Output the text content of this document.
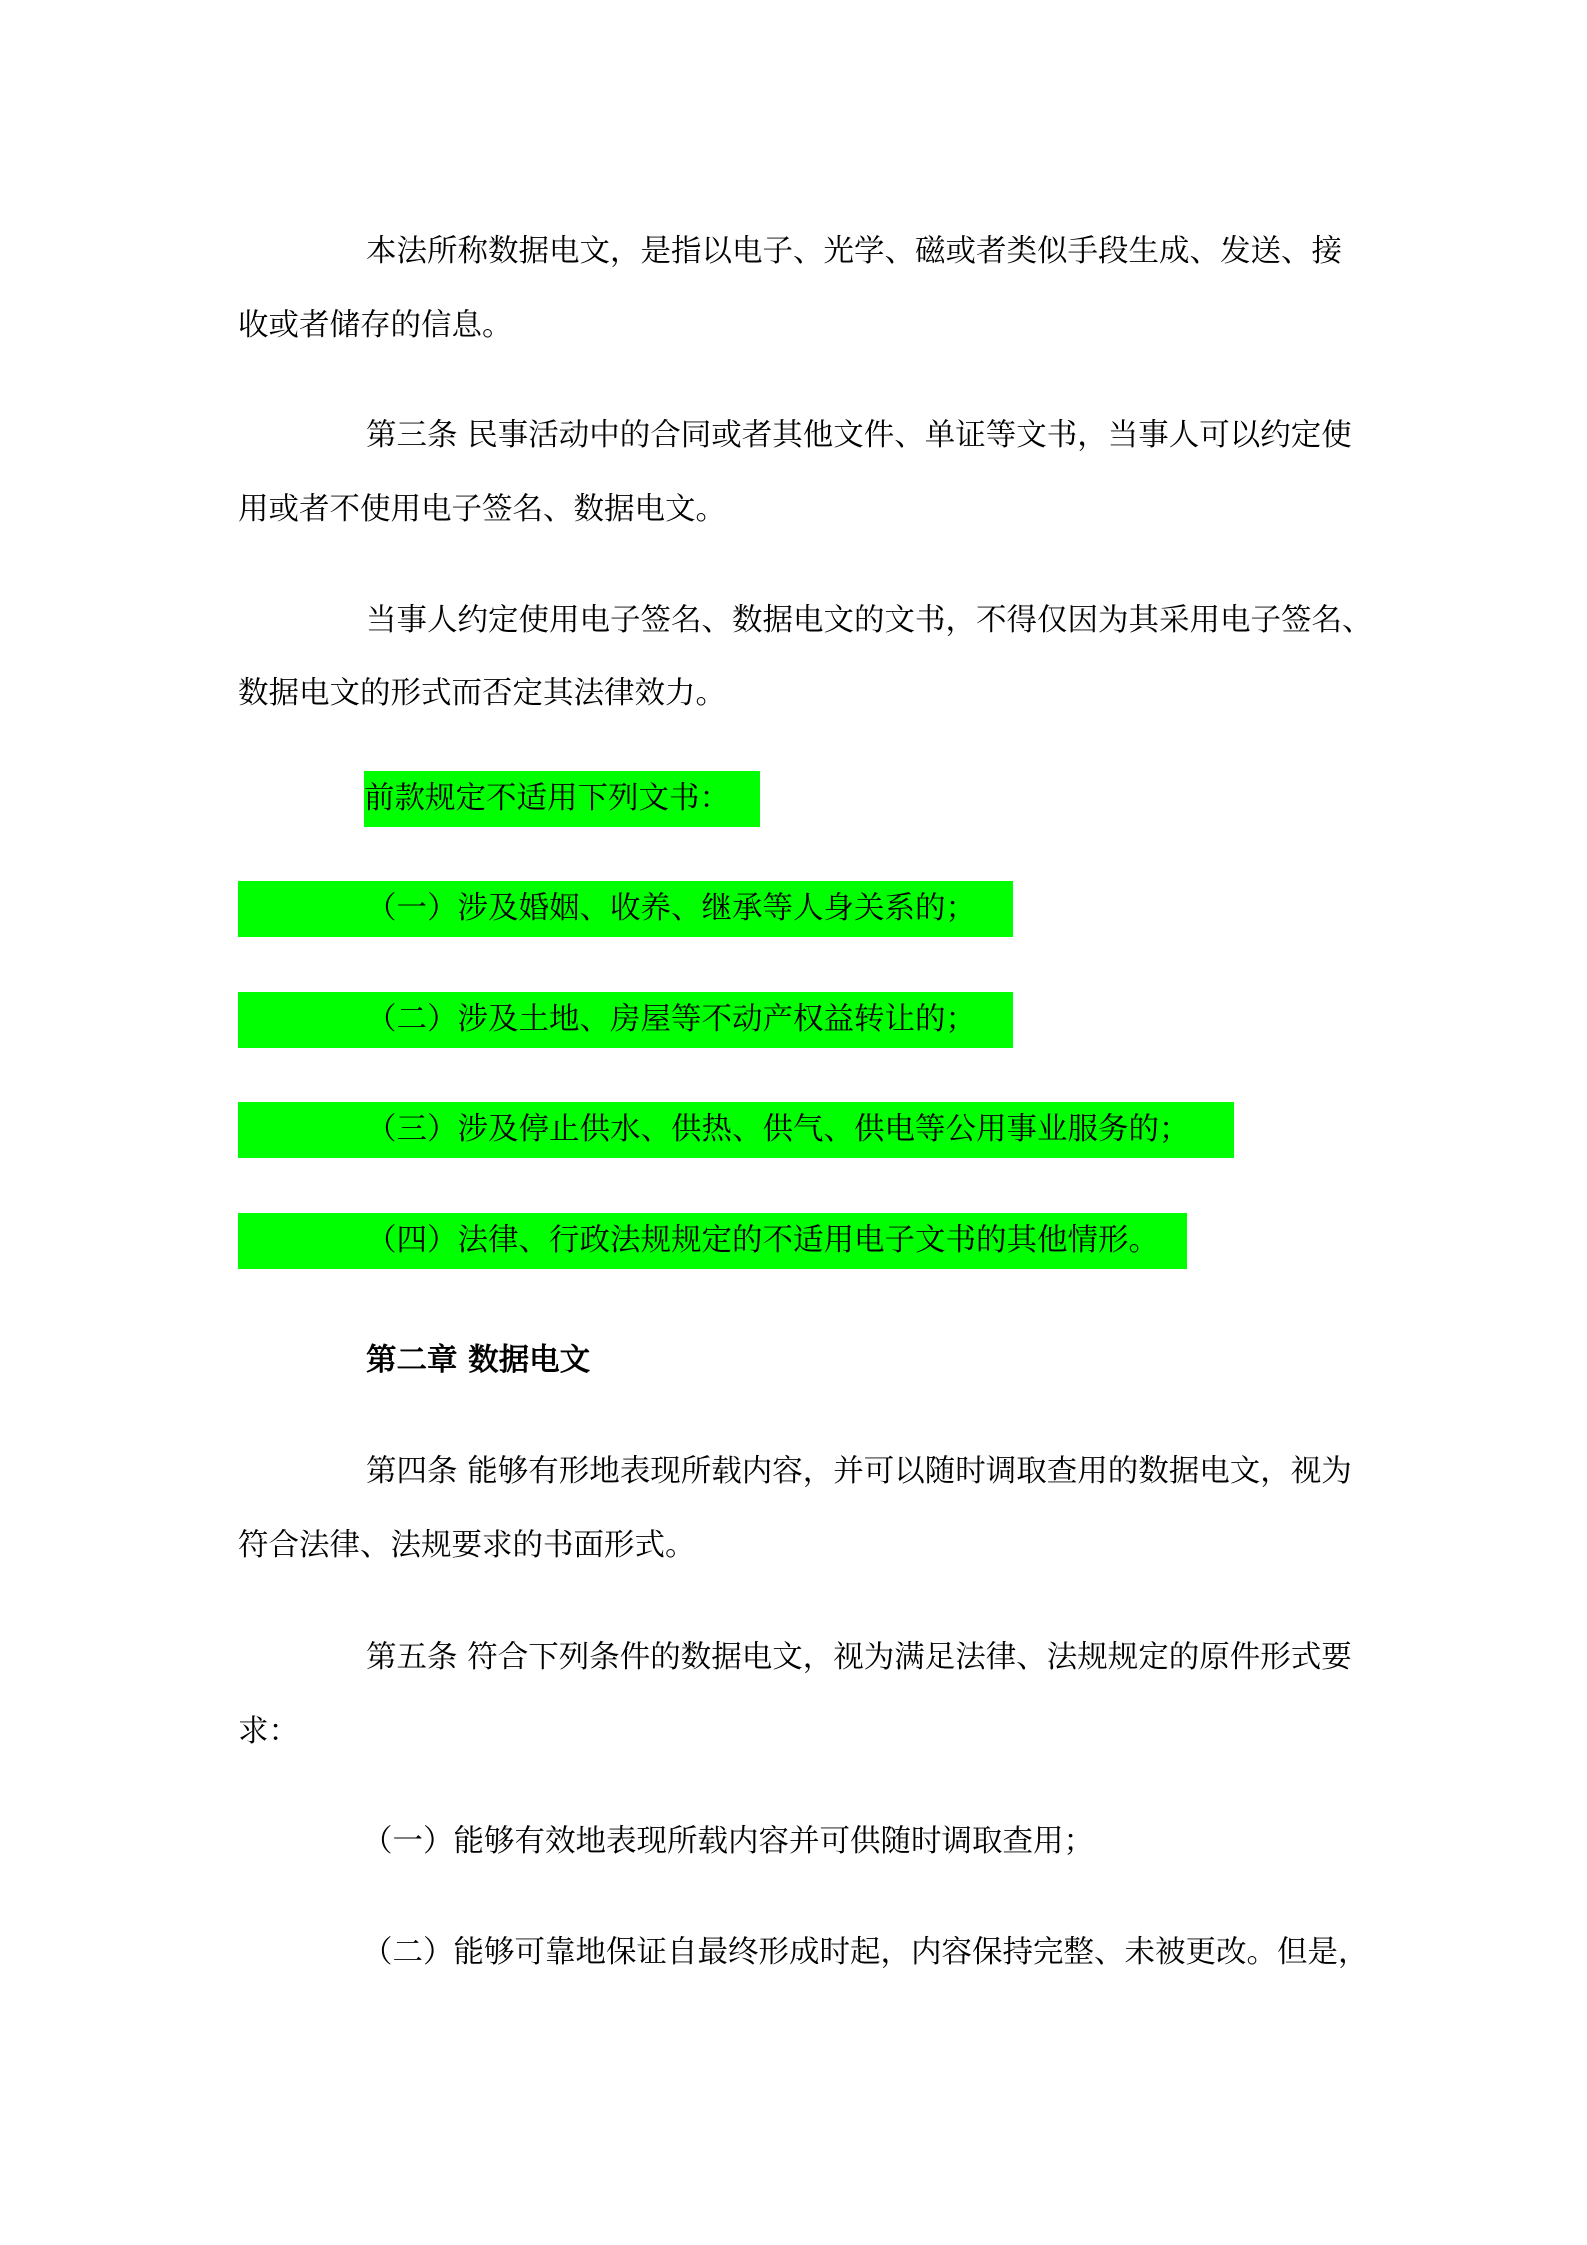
本法所称数据电文，是指以电子、光学、磁或者类似手段生成、发送、接
收或者储存的信息。
第三条 民事活动中的合同或者其他文件、单证等文书，当事人可以约定使
用或者不使用电子签名、数据电文。
当事人约定使用电子签名、数据电文的文书，不得仅因为其采用电子签名、
数据电文的形式而否定其法律效力。
前款规定不适用下列文书：
（一）涉及婚姻、收养、继承等人身关系的；
（二）涉及土地、房屋等不动产权益转让的；
（三）涉及停止供水、供热、供气、供电等公用事业服务的；
（四）法律、行政法规规定的不适用电子文书的其他情形。
第二章 数据电文
第四条 能够有形地表现所载内容，并可以随时调取查用的数据电文，视为
符合法律、法规要求的书面形式。
第五条 符合下列条件的数据电文，视为满足法律、法规规定的原件形式要
求：
（一）能够有效地表现所载内容并可供随时调取查用；
（二）能够可靠地保证自最终形成时起，内容保持完整、未被更改。但是，
